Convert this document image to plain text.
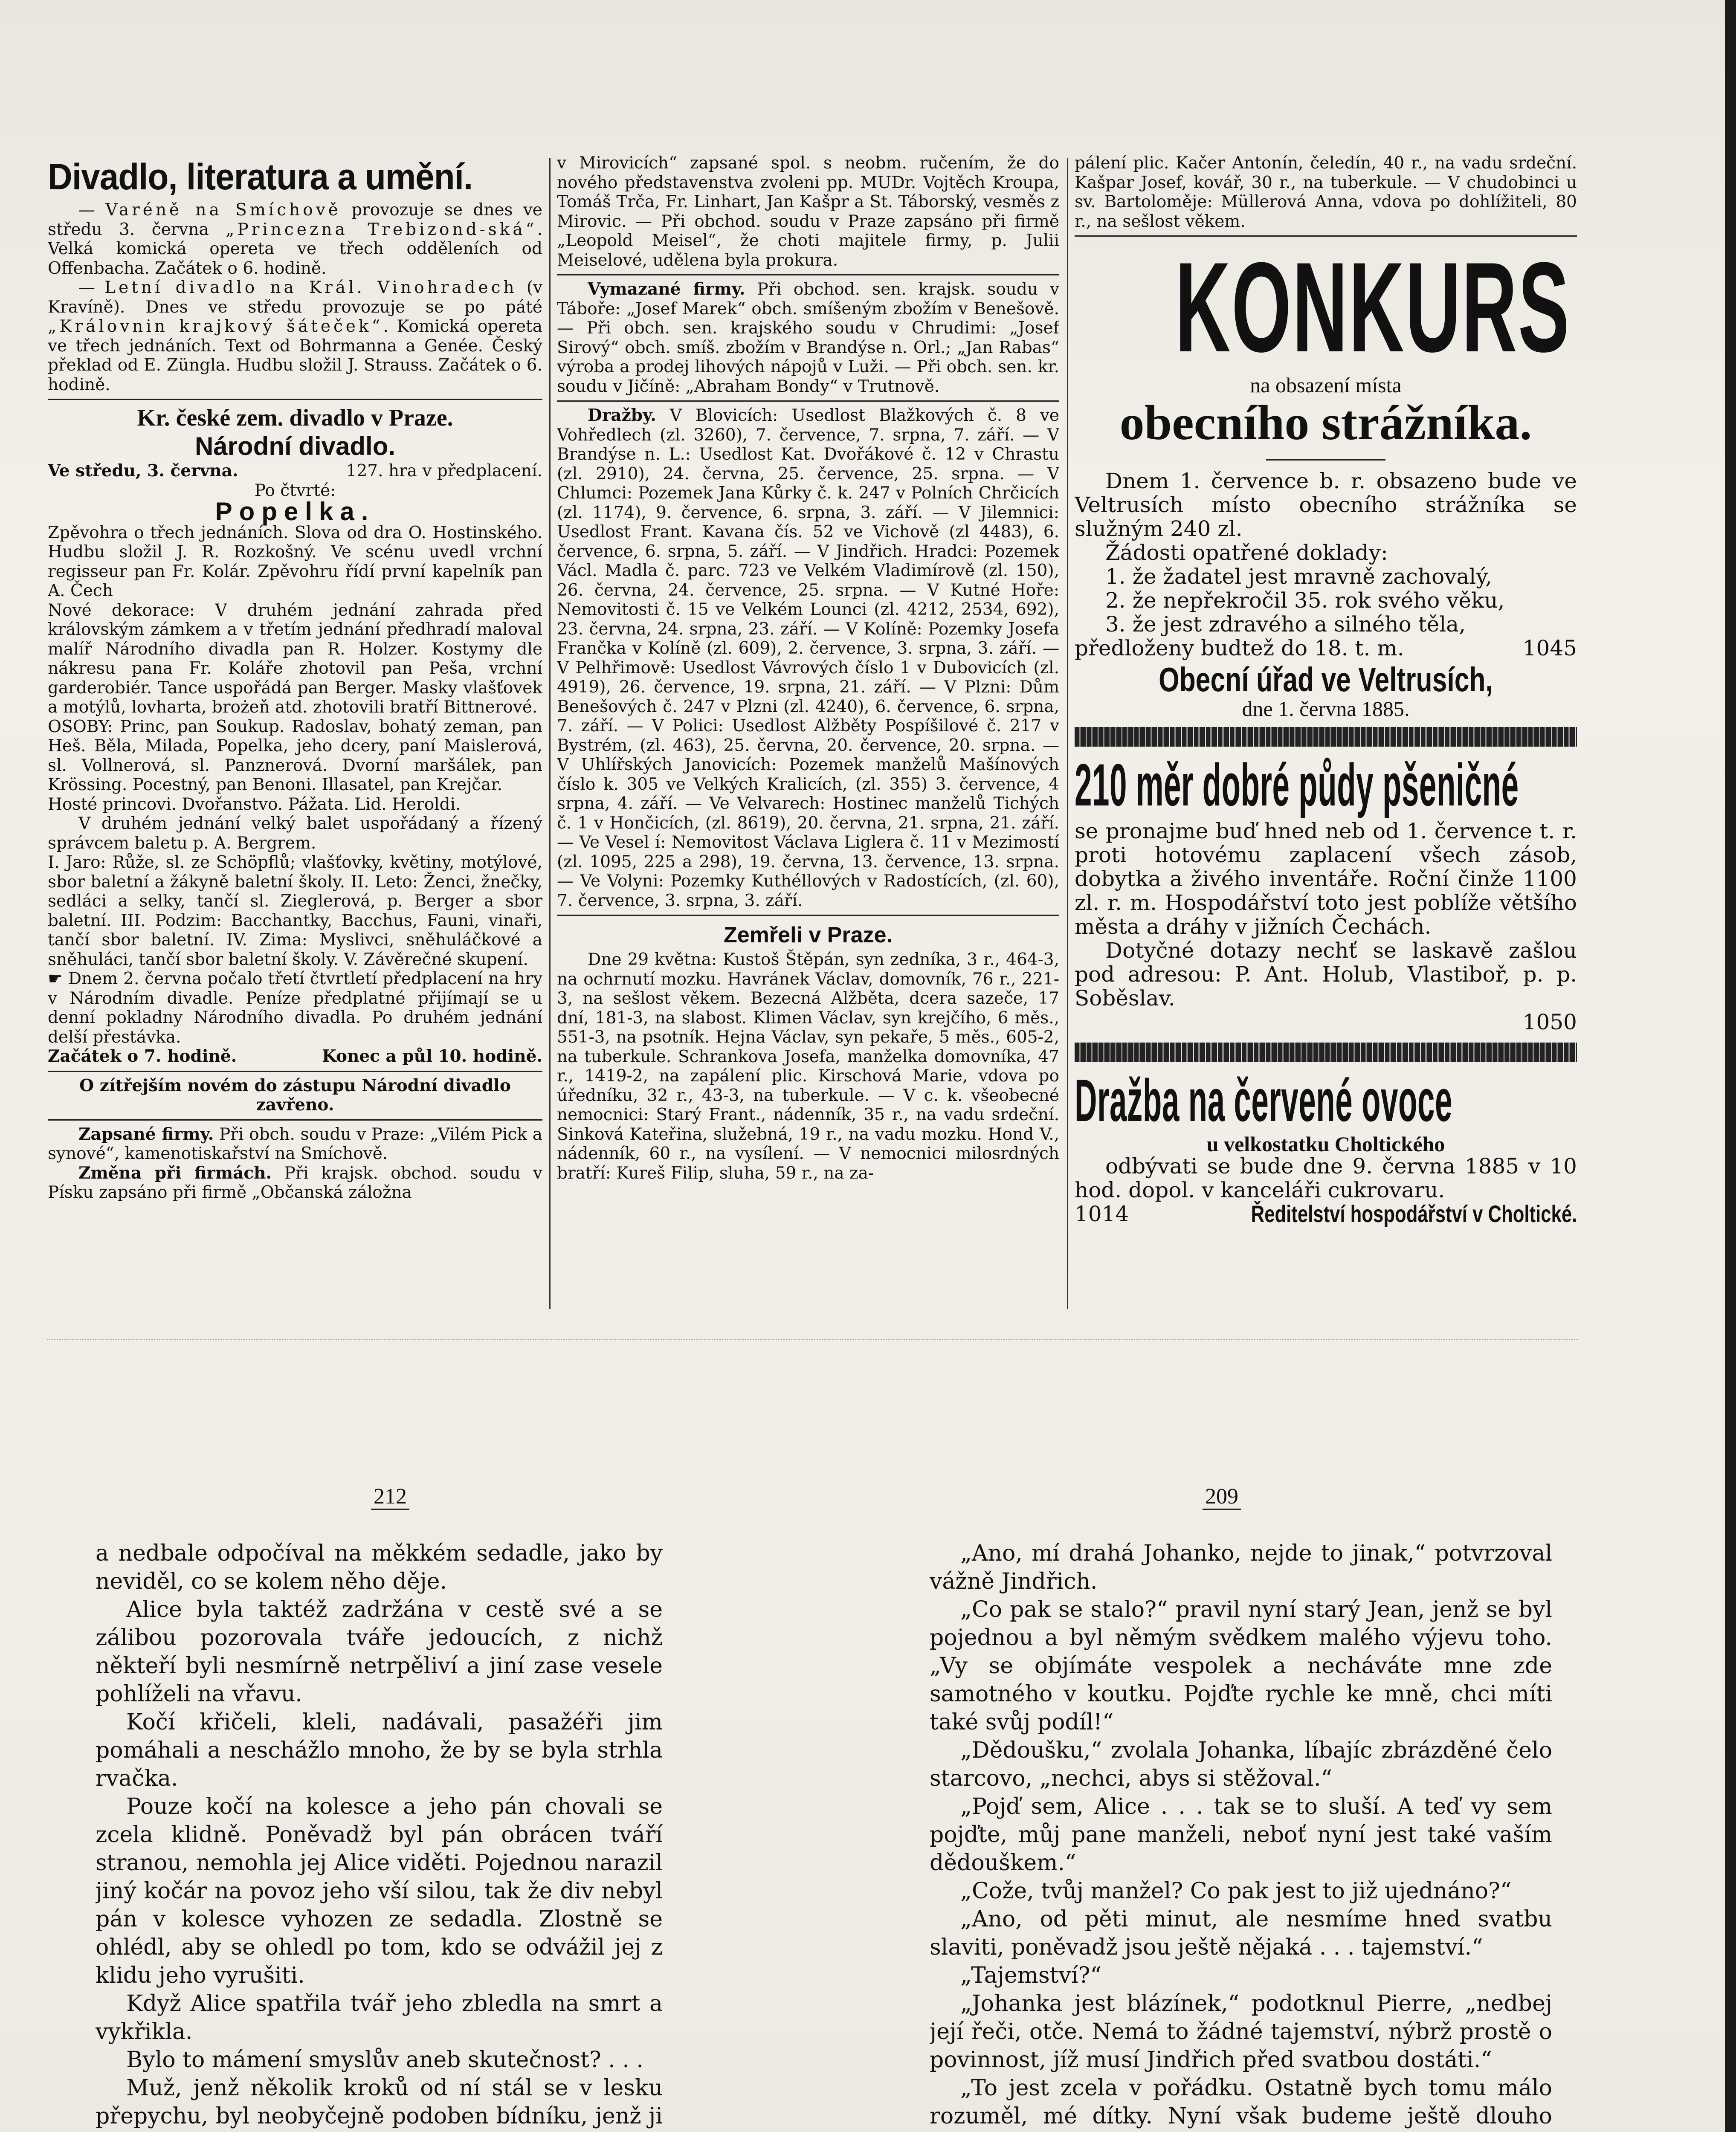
Divadlo, literatura a umění.

— Varéně na Smíchově provozuje se dnes ve středu 3. června „Princezna Trebizond-ská“. Velká komická opereta ve třech odděleních od Offenbacha. Začátek o 6. hodině.

— Letní divadlo na Král. Vinohradech (v Kravíně). Dnes ve středu provozuje se po páté „Královnin krajkový šáteček“. Komická opereta ve třech jednáních. Text od Bohrmanna a Genée. Český překlad od E. Züngla. Hudbu složil J. Strauss. Začátek o 6. hodině.

Kr. české zem. divadlo v Praze.
Národní divadlo.
Ve středu, 3. června.	127. hra v předplacení.

Po čtvrté:

Popelka.

Zpěvohra o třech jednáních. Slova od dra O. Hostinského. Hudbu složil J. R. Rozkošný. Ve scénu uvedl vrchní regisseur pan Fr. Kolár. Zpěvohru řídí první kapelník pan A. Čech

Nové dekorace: V druhém jednání zahrada před královským zámkem a v třetím jednání předhradí maloval malíř Národního divadla pan R. Holzer. Kostymy dle nákresu pana Fr. Koláře zhotovil pan Peša, vrchní garderobiér. Tance uspořádá pan Berger. Masky vlašťovek a motýlů, lovharta, brożeň atd. zhotovili bratří Bittnerové.

OSOBY: Princ, pan Soukup. Radoslav, bohatý zeman, pan Heš. Běla, Milada, Popelka, jeho dcery, paní Maislerová, sl. Vollnerová, sl. Panznerová. Dvorní maršálek, pan Krössing. Pocestný, pan Benoni. Illasatel, pan Krejčar.

Hosté princovi. Dvořanstvo. Pážata. Lid. Heroldi.

V druhém jednání velký balet uspořádaný a řízený správcem baletu p. A. Bergrem.

I. Jaro: Růže, sl. ze Schöpflů; vlašťovky, květiny, motýlové, sbor baletní a žákyně baletní školy. II. Leto: Ženci, žnečky, sedláci a selky, tančí sl. Zieglerová, p. Berger a sbor baletní. III. Podzim: Bacchantky, Bacchus, Fauni, vinaři, tančí sbor baletní. IV. Zima: Myslivci, sněhuláčkové a sněhuláci, tančí sbor baletní školy. V. Závěrečné skupení.

☛ Dnem 2. června počalo třetí čtvrtletí předplacení na hry v Národním divadle. Peníze předplatné přijímají se u denní pokladny Národního divadla. Po druhém jednání delší přestávka.

Začátek o 7. hodině.	Konec a půl 10. hodině.

O zítřejším novém do zástupu Národní divadlo zavřeno.

Zapsané firmy. Při obch. soudu v Praze: „Vilém Pick a synové“, kamenotiskařství na Smíchově.

Změna při firmách. Při krajsk. obchod. soudu v Písku zapsáno při firmě „Občanská záložna

v Mirovicích“ zapsané spol. s neobm. ručením, že do nového představenstva zvoleni pp. MUDr. Vojtěch Kroupa, Tomáš Trča, Fr. Linhart, Jan Kašpr a St. Táborský, vesměs z Mirovic. — Při obchod. soudu v Praze zapsáno při firmě „Leopold Meisel“, že choti majitele firmy, p. Julii Meiselové, udělena byla prokura.

Vymazané firmy. Při obchod. sen. krajsk. soudu v Táboře: „Josef Marek“ obch. smíšeným zbožím v Benešově. — Při obch. sen. krajského soudu v Chrudimi: „Josef Sirový“ obch. smíš. zbožím v Brandýse n. Orl.; „Jan Rabas“ výroba a prodej lihových nápojů v Luži. — Při obch. sen. kr. soudu v Jičíně: „Abraham Bondy“ v Trutnově.

Dražby. V Blovicích: Usedlost Blažkových č. 8 ve Vohředlech (zl. 3260), 7. července, 7. srpna, 7. září. — V Brandýse n. L.: Usedlost Kat. Dvořákové č. 12 v Chrastu (zl. 2910), 24. června, 25. července, 25. srpna. — V Chlumci: Pozemek Jana Kůrky č. k. 247 v Polních Chrčicích (zl. 1174), 9. července, 6. srpna, 3. září. — V Jilemnici: Usedlost Frant. Kavana čís. 52 ve Vichově (zl 4483), 6. července, 6. srpna, 5. září. — V Jindřich. Hradci: Pozemek Václ. Madla č. parc. 723 ve Velkém Vladimírově (zl. 150), 26. června, 24. července, 25. srpna. — V Kutné Hoře: Nemovitosti č. 15 ve Velkém Lounci (zl. 4212, 2534, 692), 23. června, 24. srpna, 23. září. — V Kolíně: Pozemky Josefa Frančka v Kolíně (zl. 609), 2. července, 3. srpna, 3. září. — V Pelhřimově: Usedlost Vávrových číslo 1 v Dubovicích (zl. 4919), 26. července, 19. srpna, 21. září. — V Plzni: Dům Benešových č. 247 v Plzni (zl. 4240), 6. července, 6. srpna, 7. září. — V Polici: Usedlost Alžběty Pospíšilové č. 217 v Bystrém, (zl. 463), 25. června, 20. července, 20. srpna. — V Uhlířských Janovicích: Pozemek manželů Mašínových číslo k. 305 ve Velkých Kralicích, (zl. 355) 3. července, 4 srpna, 4. září. — Ve Velvarech: Hostinec manželů Tichých č. 1 v Hončicích, (zl. 8619), 20. června, 21. srpna, 21. září. — Ve Vesel í: Nemovitost Václava Liglera č. 11 v Mezimostí (zl. 1095, 225 a 298), 19. června, 13. července, 13. srpna. — Ve Volyni: Pozemky Kuthéllových v Radostících, (zl. 60), 7. července, 3. srpna, 3. září.

Zemřeli v Praze.

Dne 29 května: Kustoš Štěpán, syn zedníka, 3 r., 464-3, na ochrnutí mozku. Havránek Václav, domovník, 76 r., 221-3, na sešlost věkem. Bezecná Alžběta, dcera sazeče, 17 dní, 181-3, na slabost. Klimen Václav, syn krejčího, 6 měs., 551-3, na psotník. Hejna Václav, syn pekaře, 5 měs., 605-2, na tuberkule. Schrankova Josefa, manželka domovníka, 47 r., 1419-2, na zapálení plic. Kirschová Marie, vdova po úředníku, 32 r., 43-3, na tuberkule. — V c. k. všeobecné nemocnici: Starý Frant., nádenník, 35 r., na vadu srdeční. Sinková Kateřina, služebná, 19 r., na vadu mozku. Hond V., nádenník, 60 r., na vysílení. — V nemocnici milosrdných bratří: Kureš Filip, sluha, 59 r., na za-

pálení plic. Kačer Antonín, čeledín, 40 r., na vadu srdeční. Kašpar Josef, kovář, 30 r., na tuberkule. — V chudobinci u sv. Bartoloměje: Müllerová Anna, vdova po dohlížiteli, 80 r., na sešlost věkem.

KONKURS

na obsazení místa

obecního strážníka.

Dnem 1. července b. r. obsazeno bude ve Veltrusích místo obecního strážníka se služným 240 zl.

Žádosti opatřené doklady:

1. že žadatel jest mravně zachovalý,

2. že nepřekročil 35. rok svého věku,

3. že jest zdravého a silného těla,

předloženy budtež do 18. t. m.	1045
Obecní úřad ve Veltrusích,

dne 1. června 1885.

210 měr dobré půdy pšeničné

se pronajme buď hned neb od 1. července t. r. proti hotovému zaplacení všech zásob, dobytka a živého inventáře. Roční činže 1100 zl. r. m. Hospodářství toto jest poblíže většího města a dráhy v jižních Čechách.

Dotyčné dotazy nechť se laskavě zašlou pod adresou: P. Ant. Holub, Vlastiboř, p. p. Soběslav.

1050
Dražba na červené ovoce

u velkostatku Choltického

odbývati se bude dne 9. června 1885 v 10 hod. dopol. v kanceláři cukrovaru.

1014	Ředitelství hospodářství v Choltické.
212	209

a nedbale odpočíval na měkkém sedadle, jako by neviděl, co se kolem něho děje.

Alice byla taktéž zadržána v cestě své a se zálibou pozorovala tváře jedoucích, z nichž někteří byli nesmírně netrpěliví a jiní zase vesele pohlíželi na vřavu.

Kočí křičeli, kleli, nadávali, pasažéři jim pomáhali a neschážlo mnoho, že by se byla strhla rvačka.

Pouze kočí na kolesce a jeho pán chovali se zcela klidně. Poněvadž byl pán obrácen tváří stranou, nemohla jej Alice viděti. Pojednou narazil jiný kočár na povoz jeho vší silou, tak že div nebyl pán v kolesce vyhozen ze sedadla. Zlostně se ohlédl, aby se ohledl po tom, kdo se odvážil jej z klidu jeho vyrušiti.

Když Alice spatřila tvář jeho zbledla na smrt a vykřikla.

Bylo to mámení smyslův aneb skutečnost? . . .

Muž, jenž několik kroků od ní stál se v lesku přepychu, byl neobyčejně podoben bídníku, jenž ji

„Ano, mí drahá Johanko, nejde to jinak,“ potvrzoval vážně Jindřich.

„Co pak se stalo?“ pravil nyní starý Jean, jenž se byl pojednou a byl němým svědkem malého výjevu toho. „Vy se objímáte vespolek a necháváte mne zde samotného v koutku. Pojďte rychle ke mně, chci míti také svůj podíl!“

„Dědoušku,“ zvolala Johanka, líbajíc zbrázděné čelo starcovo, „nechci, abys si stěžoval.“

„Pojď sem, Alice . . . tak se to sluší. A teď vy sem pojďte, můj pane manželi, neboť nyní jest také vaším dědouškem.“

„Cože, tvůj manžel? Co pak jest to již ujednáno?“

„Ano, od pěti minut, ale nesmíme hned svatbu slaviti, poněvadž jsou ještě nějaká . . . tajemství.“

„Tajemství?“

„Johanka jest blázínek,“ podotknul Pierre, „nedbej její řeči, otče. Nemá to žádné tajemství, nýbrž prostě o povinnost, jíž musí Jindřich před svatbou dostáti.“

„To jest zcela v pořádku. Ostatně bych tomu málo rozuměl, mé dítky. Nyní však budeme ještě dlouho
